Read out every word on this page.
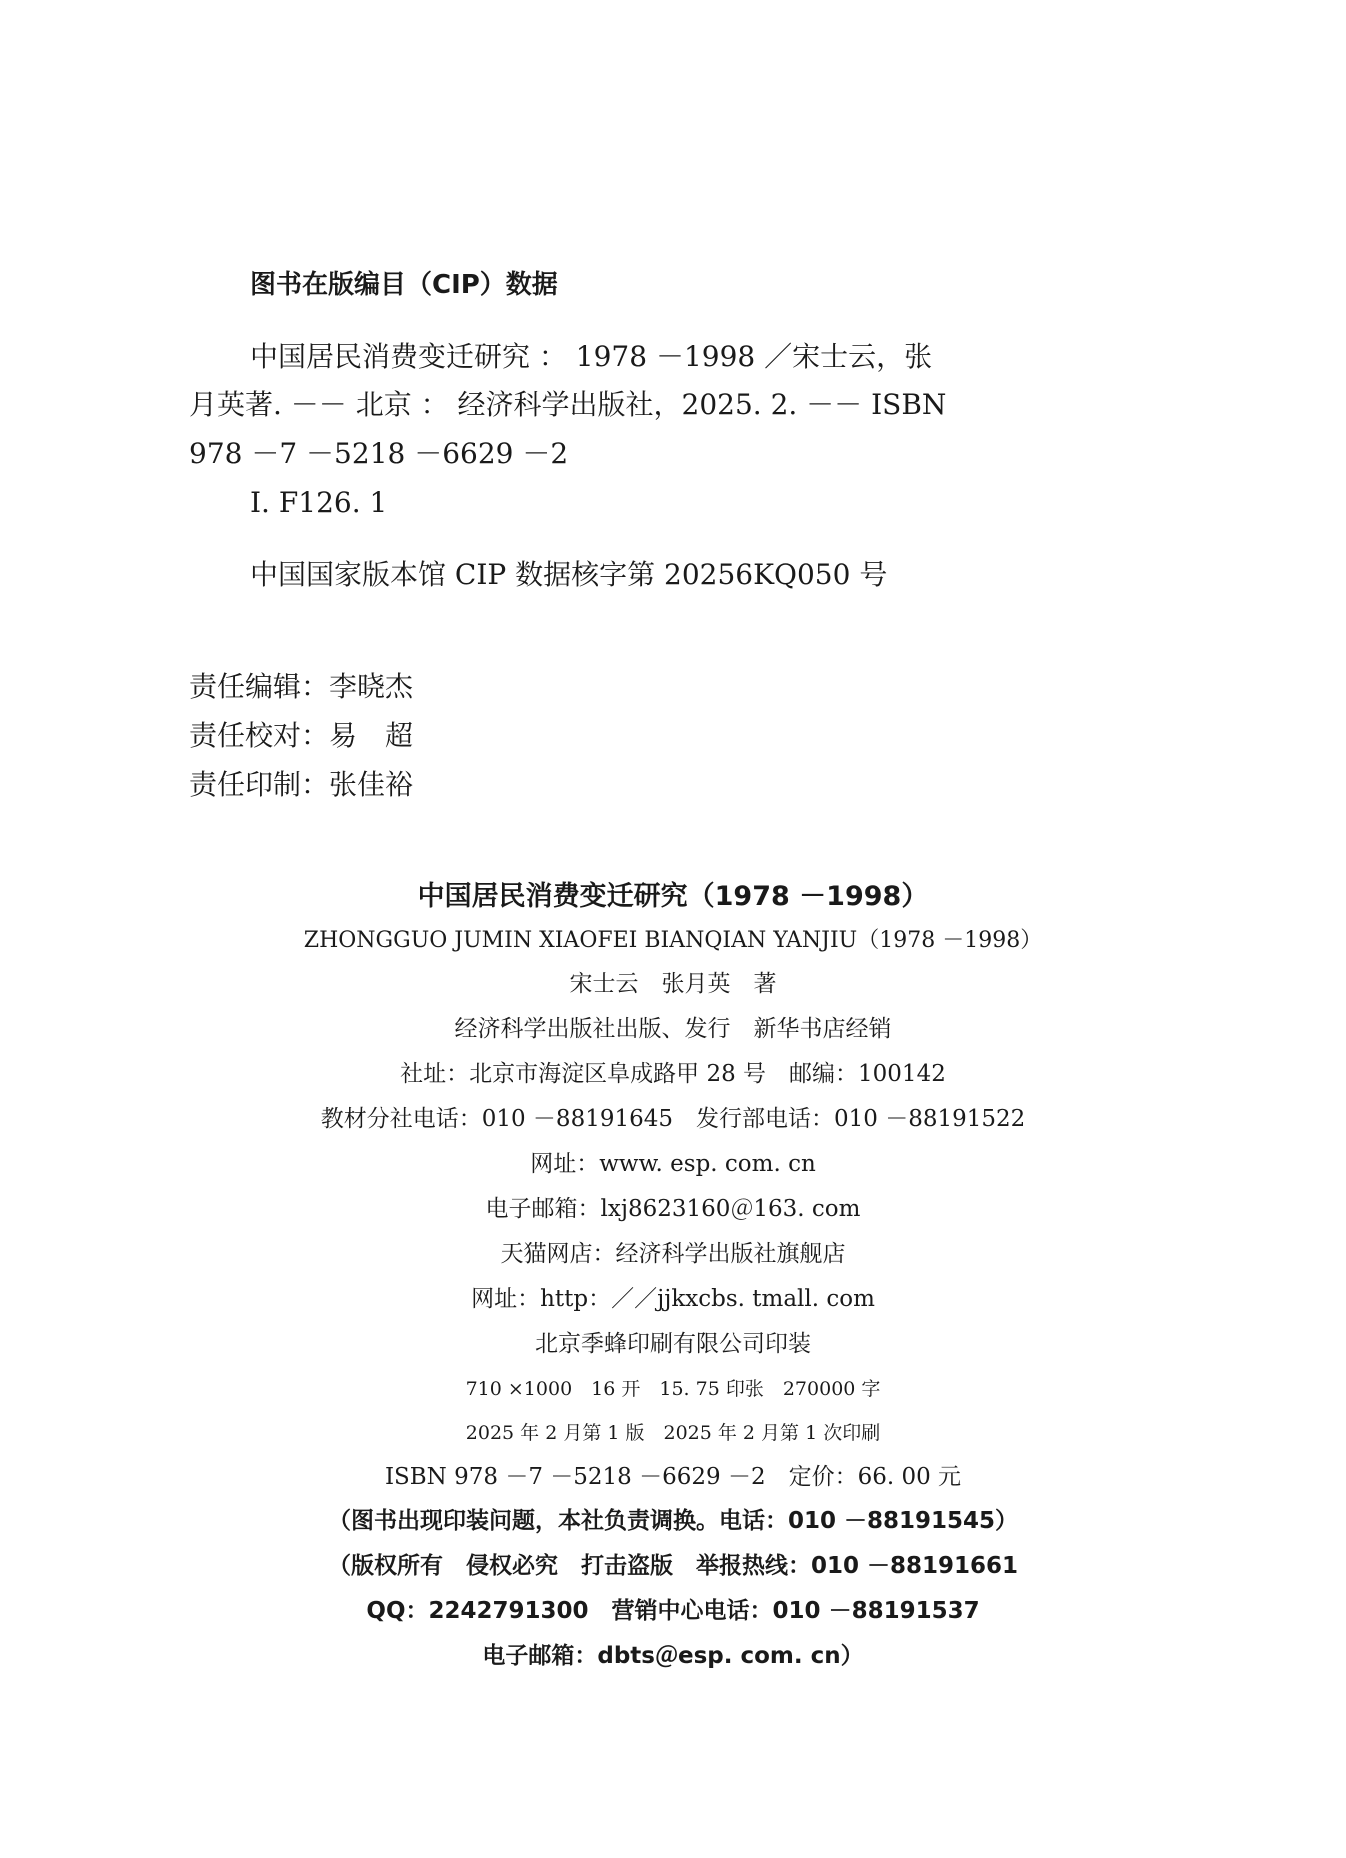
图书在版编目（CIP）数据
中国居民消费变迁研究 ： 1978 －1998 ／宋士云，张
月英著. －－ 北京 ： 经济科学出版社，2025. 2. －－ ISBN
978 －7 －5218 －6629 －2
Ⅰ. F126. 1
中国国家版本馆 CIP 数据核字第 20256KQ050 号
责任编辑：李晓杰
责任校对：易　超
责任印制：张佳裕
中国居民消费变迁研究（1978 －1998）
ZHONGGUO JUMIN XIAOFEI BIANQIAN YANJIU（1978 －1998）
宋士云　张月英　著
经济科学出版社出版、发行　新华书店经销
社址：北京市海淀区阜成路甲 28 号　邮编：100142
教材分社电话：010 －88191645　发行部电话：010 －88191522
网址：www. esp. com. cn
电子邮箱：lxj8623160＠163. com
天猫网店：经济科学出版社旗舰店
网址：http：／／jjkxcbs. tmall. com
北京季蜂印刷有限公司印装
710 ×1000　16 开　15. 75 印张　270000 字
2025 年 2 月第 1 版　2025 年 2 月第 1 次印刷
ISBN 978 －7 －5218 －6629 －2　定价：66. 00 元
（图书出现印装问题，本社负责调换。电话：010 －88191545）
（版权所有　侵权必究　打击盗版　举报热线：010 －88191661
QQ：2242791300　营销中心电话：010 －88191537
电子邮箱：dbts＠esp. com. cn）
